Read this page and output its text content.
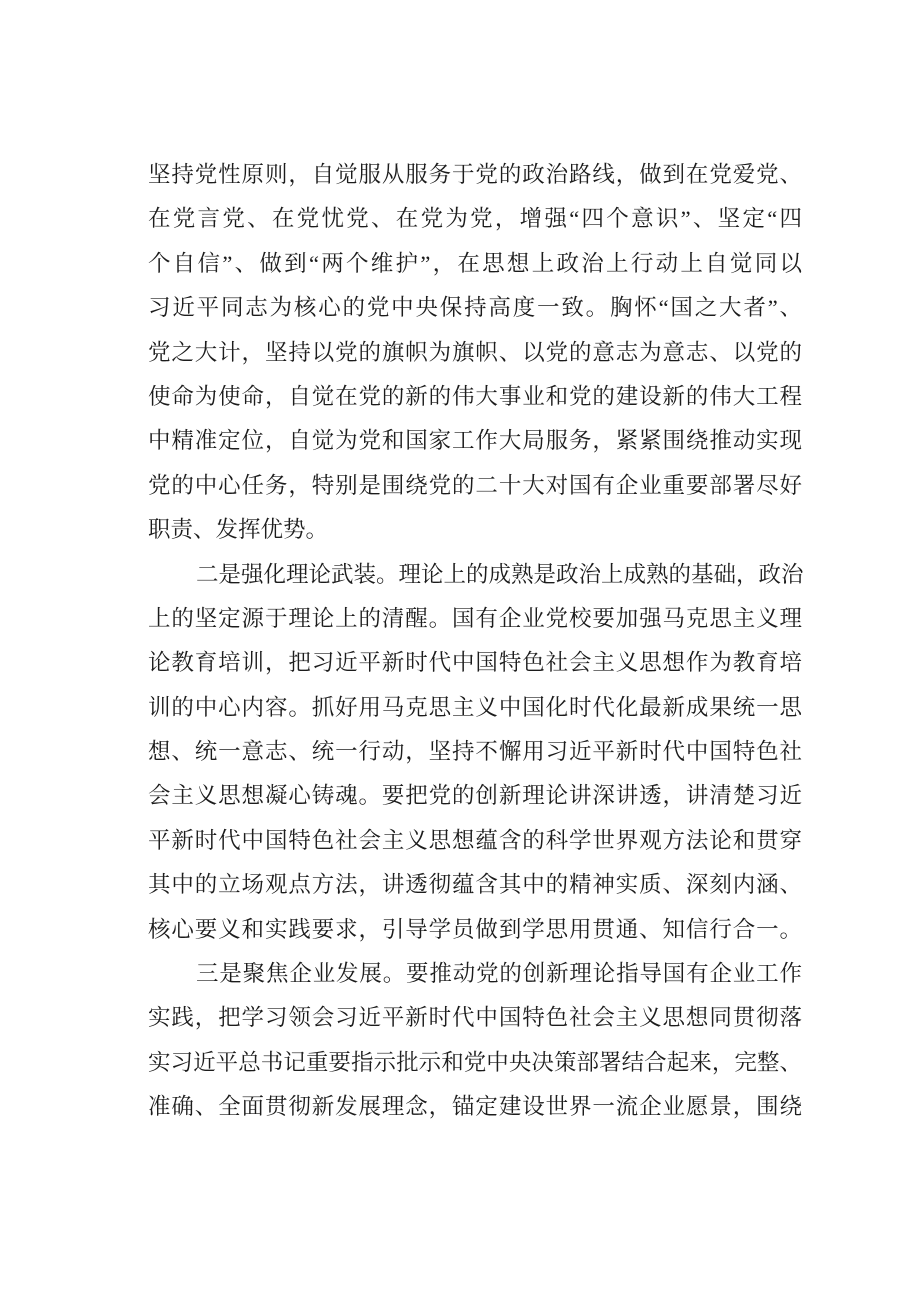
坚持党性原则，自觉服从服务于党的政治路线，做到在党爱党、
在党言党、在党忧党、在党为党，增强“四个意识”、坚定“四
个自信”、做到“两个维护”，在思想上政治上行动上自觉同以
习近平同志为核心的党中央保持高度一致。胸怀“国之大者”、
党之大计，坚持以党的旗帜为旗帜、以党的意志为意志、以党的
使命为使命，自觉在党的新的伟大事业和党的建设新的伟大工程
中精准定位，自觉为党和国家工作大局服务，紧紧围绕推动实现
党的中心任务，特别是围绕党的二十大对国有企业重要部署尽好
职责、发挥优势。
二是强化理论武装。理论上的成熟是政治上成熟的基础，政治
上的坚定源于理论上的清醒。国有企业党校要加强马克思主义理
论教育培训，把习近平新时代中国特色社会主义思想作为教育培
训的中心内容。抓好用马克思主义中国化时代化最新成果统一思
想、统一意志、统一行动，坚持不懈用习近平新时代中国特色社
会主义思想凝心铸魂。要把党的创新理论讲深讲透，讲清楚习近
平新时代中国特色社会主义思想蕴含的科学世界观方法论和贯穿
其中的立场观点方法，讲透彻蕴含其中的精神实质、深刻内涵、
核心要义和实践要求，引导学员做到学思用贯通、知信行合一。
三是聚焦企业发展。要推动党的创新理论指导国有企业工作
实践，把学习领会习近平新时代中国特色社会主义思想同贯彻落
实习近平总书记重要指示批示和党中央决策部署结合起来，完整、
准确、全面贯彻新发展理念，锚定建设世界一流企业愿景，围绕
